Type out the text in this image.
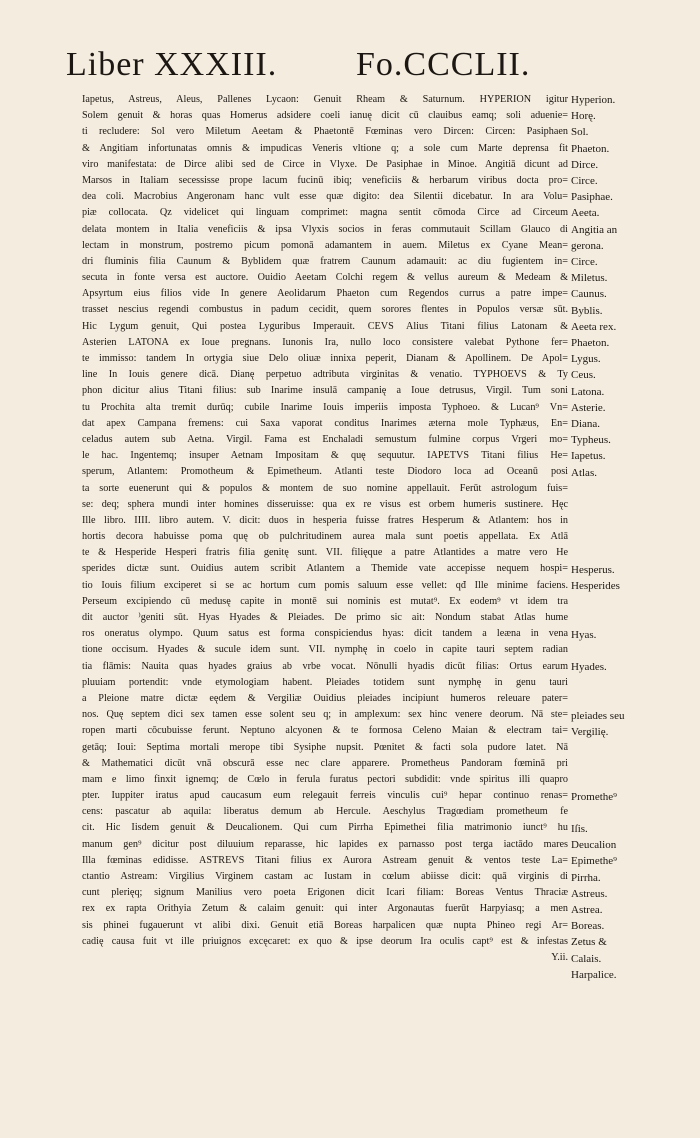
Liber XXXIII. Fo.CCCLII.
Iapetus, Astreus, Aleus, Pallenes Lycaon: Genuit Rheam & Saturnum. HYPERION igitur
Solem genuit & horas quas Homerus adsidere coeli ianuę dicit cū clauibus eamq; soli aduenie=
ti recludere: Sol vero Miletum Aeetam & Phaetontē Fœminas vero Dircen: Circen: Pasiphaen
& Angitiam infortunatas omnis & impudicas Veneris vltione q; a sole cum Marte deprensa fit
viro manifestata: de Dirce alibi sed de Circe in Vlyxe. De Pasiphae in Minoe. Angitiā dicunt ad
Marsos in Italiam secessisse prope lacum fucinū ibiq; veneficiis & herbarum viribus docta pro=
dea coli. Macrobius Angeronam hanc vult esse quæ digito: dea Silentii dicebatur. In ara Volu=
piæ collocata. Qz videlicet qui linguam comprimet: magna sentit cōmoda Circe ad Circeum
delata montem in Italia veneficiis & ipsa Vlyxis socios in feras commutauit Scillam Glauco di
lectam in monstrum, postremo picum pomonā adamantem in auem. Miletus ex Cyane Mean=
dri fluminis filia Caunum & Byblidem quæ fratrem Caunum adamauit: ac diu fugientem in=
secuta in fonte versa est auctore. Ouidio Aeetam Colchi regem & vellus aureum & Medeam &
Apsyrtum eius filios vide In genere Aeolidarum Phaeton cum Regendos currus a patre impe=
trasset nescius regendi combustus in padum cecidit, quem sorores flentes in Populos versæ sūt.
Hic Lygum genuit, Qui postea Lyguribus Imperauit. CEVS Alius Titani filius Latonam &
Asterien LATONA ex Ioue pregnans. Iunonis Ira, nullo loco consistere valebat Pythone fer=
te immisso: tandem In ortygia siue Delo oliuæ innixa peperit, Dianam & Apollinem. De Apol=
line In Iouis genere dicā. Dianę perpetuo adtributa virginitas & venatio. TYPHOEVS & Ty
phon dicitur alius Titani filius: sub Inarime insulā campanię a Ioue detrusus, Virgil. Tum soni
tu Prochita alta tremit durūq; cubile Inarime Iouis imperiis imposta Typhoeo. & Lucan⁹ Vn=
dat apex Campana fremens: cui Saxa vaporat conditus Inarimes æterna mole Typhæus, En=
celadus autem sub Aetna. Virgil. Fama est Enchaladi semustum fulmine corpus Vrgeri mo=
le hac. Ingentemq; insuper Aetnam Impositam & quę sequutur. IAPETVS Titani filius He=
sperum, Atlantem: Promotheum & Epimetheum. Atlanti teste Diodoro loca ad Oceanū posi
ta sorte euenerunt qui & populos & montem de suo nomine appellauit. Ferūt astrologum fuis=
se: deq; sphera mundi inter homines disseruisse: qua ex re visus est orbem humeris sustinere. Hęc
Ille libro. IIII. libro autem. V. dicit: duos in hesperia fuisse fratres Hesperum & Atlantem: hos in
hortis decora habuisse poma quę ob pulchritudinem aurea mala sunt poetis appellata. Ex Atlā
te & Hesperide Hesperi fratris filia genitę sunt. VII. filięque a patre Atlantides a matre vero He
sperides dictæ sunt. Ouidius autem scribit Atlantem a Themide vate accepisse nequem hospi=
tio Iouis filium exciperet si se ac hortum cum pomis saluum esse vellet: qđ Ille minime faciens.
Perseum excipiendo cū medusę capite in montē sui nominis est mutat⁹. Ex eodem⁹ vt idem tra
dit auctor ⁾geniti sūt. Hyas Hyades & Pleiades. De primo sic ait: Nondum stabat Atlas hume
ros oneratus olympo. Quum satus est forma conspiciendus hyas: dicit tandem a leæna in vena
tione occisum. Hyades & sucule idem sunt. VII. nymphę in coelo in capite tauri septem radian
tia flāmis: Nauita quas hyades graius ab vrbe vocat. Nōnulli hyadis dicūt filias: Ortus earum
pluuiam portendit: vnde etymologiam habent. Pleiades totidem sunt nymphę in genu tauri
a Pleione matre dictæ eędem & Vergiliæ Ouidius pleiades incipiunt humeros releuare pater=
nos. Quę septem dici sex tamen esse solent seu q; in amplexum: sex hinc venere deorum. Nā ste=
ropen marti cōcubuisse ferunt. Neptuno alcyonen & te formosa Celeno Maian & electram tai=
getāq; Ioui: Septima mortali merope tibi Sysiphe nupsit. Pœnitet & facti sola pudore latet. Nā
& Mathematici dicūt vnā obscurā esse nec clare apparere. Prometheus Pandoram fœminā pri
mam e limo finxit ignemq; de Cœlo in ferula furatus pectori subdidit: vnde spiritus illi quapro
pter. Iuppiter iratus apud caucasum eum relegauit ferreis vinculis cui⁹ hepar continuo renas=
cens: pascatur ab aquila: liberatus demum ab Hercule. Aeschylus Tragœdiam prometheum fe
cit. Hic Iisdem genuit & Deucalionem. Qui cum Pirrha Epimethei filia matrimonio iunct⁹ hu
manum gen⁹ dicitur post diluuium reparasse, hic lapides ex parnasso post terga iactādo mares
Illa fœminas edidisse. ASTREVS Titani filius ex Aurora Astream genuit & ventos teste La=
ctantio Astream: Virgilius Virginem castam ac Iustam in cœlum abiisse dicit: quā virginis di
cunt plerięq; signum Manilius vero poeta Erigonen dicit Icari filiam: Boreas Ventus Thraciæ
rex ex rapta Orithyia Zetum & calaim genuit: qui inter Argonautas fuerūt Harpyiasq; a men
sis phinei fugauerunt vt alibi dixi. Genuit etiā Boreas harpalicen quæ nupta Phineo regi Ar=
cadię causa fuit vt ille priuignos excęcaret: ex quo & ipse deorum Ira oculis capt⁹ est & infestas
Y.ii.
Hyperion.
Horę.
Sol.
Phaeton.
Dirce.
Circe.
Pasiphae.
Aeeta.
Angitia an
gerona.
Circe.
Miletus.
Caunus.
Byblis.
Aeeta rex.
Phaeton.
Lygus.
Ceus.
Latona.
Asterie.
Diana.
Typheus.
Iapetus.
Atlas.
Hesperus.
Hesperides
Hyas.
Hyades.
pleiades seu
Vergilię.
Promethe⁹
Iſis.
Deucalion
Epimethe⁹
Pirrha.
Astreus.
Astrea.
Boreas.
Zetus &
Calais.
Harpalice.
